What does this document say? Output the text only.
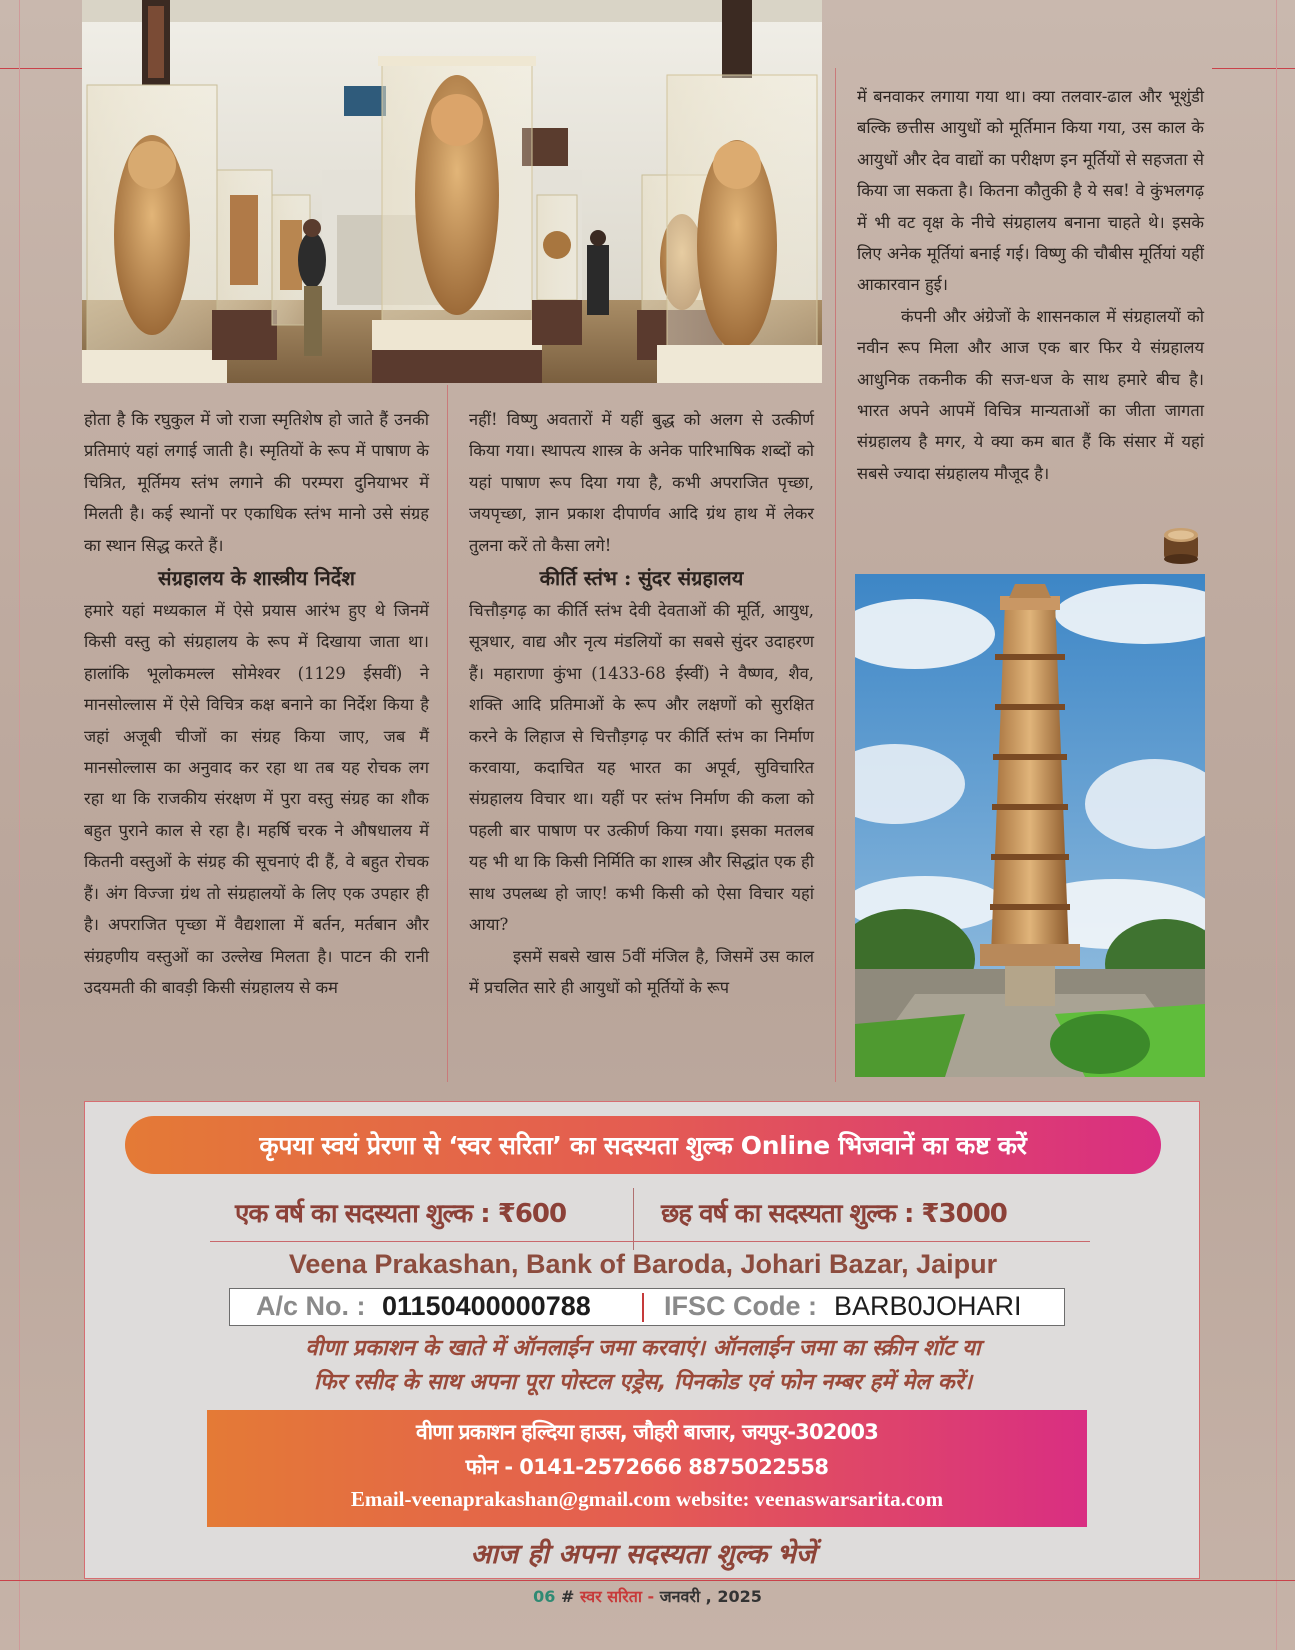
होता है कि रघुकुल में जो राजा स्मृतिशेष हो जाते हैं उनकी प्रतिमाएं यहां लगाई जाती है। स्मृतियों के रूप में पाषाण के चित्रित, मूर्तिमय स्तंभ लगाने की परम्परा दुनियाभर में मिलती है। कई स्थानों पर एकाधिक स्तंभ मानो उसे संग्रह का स्थान सिद्ध करते हैं।

संग्रहालय के शास्त्रीय निर्देश

हमारे यहां मध्यकाल में ऐसे प्रयास आरंभ हुए थे जिनमें किसी वस्तु को संग्रहालय के रूप में दिखाया जाता था। हालांकि भूलोकमल्ल सोमेश्वर (1129 ईसवीं) ने मानसोल्लास में ऐसे विचित्र कक्ष बनाने का निर्देश किया है जहां अजूबी चीजों का संग्रह किया जाए, जब मैं मानसोल्लास का अनुवाद कर रहा था तब यह रोचक लग रहा था कि राजकीय संरक्षण में पुरा वस्तु संग्रह का शौक बहुत पुराने काल से रहा है। महर्षि चरक ने औषधालय में कितनी वस्तुओं के संग्रह की सूचनाएं दी हैं, वे बहुत रोचक हैं। अंग विज्जा ग्रंथ तो संग्रहालयों के लिए एक उपहार ही है। अपराजित पृच्छा में वैद्यशाला में बर्तन, मर्तबान और संग्रहणीय वस्तुओं का उल्लेख मिलता है। पाटन की रानी उदयमती की बावड़ी किसी संग्रहालय से कम

नहीं! विष्णु अवतारों में यहीं बुद्ध को अलग से उत्कीर्ण किया गया। स्थापत्य शास्त्र के अनेक पारिभाषिक शब्दों को यहां पाषाण रूप दिया गया है, कभी अपराजित पृच्छा, जयपृच्छा, ज्ञान प्रकाश दीपार्णव आदि ग्रंथ हाथ में लेकर तुलना करें तो कैसा लगे!

कीर्ति स्तंभ : सुंदर संग्रहालय

चित्तौड़गढ़ का कीर्ति स्तंभ देवी देवताओं की मूर्ति, आयुध, सूत्रधार, वाद्य और नृत्य मंडलियों का सबसे सुंदर उदाहरण हैं। महाराणा कुंभा (1433-68 ईस्वीं) ने वैष्णव, शैव, शक्ति आदि प्रतिमाओं के रूप और लक्षणों को सुरक्षित करने के लिहाज से चित्तौड़गढ़ पर कीर्ति स्तंभ का निर्माण करवाया, कदाचित यह भारत का अपूर्व, सुविचारित संग्रहालय विचार था। यहीं पर स्तंभ निर्माण की कला को पहली बार पाषाण पर उत्कीर्ण किया गया। इसका मतलब यह भी था कि किसी निर्मिति का शास्त्र और सिद्धांत एक ही साथ उपलब्ध हो जाए! कभी किसी को ऐसा विचार यहां आया?

इसमें सबसे खास 5वीं मंजिल है, जिसमें उस काल में प्रचलित सारे ही आयुधों को मूर्तियों के रूप

में बनवाकर लगाया गया था। क्या तलवार-ढाल और भूशुंडी बल्कि छत्तीस आयुधों को मूर्तिमान किया गया, उस काल के आयुधों और देव वाद्यों का परीक्षण इन मूर्तियों से सहजता से किया जा सकता है। कितना कौतुकी है ये सब! वे कुंभलगढ़ में भी वट वृक्ष के नीचे संग्रहालय बनाना चाहते थे। इसके लिए अनेक मूर्तियां बनाई गई। विष्णु की चौबीस मूर्तियां यहीं आकारवान हुई।

कंपनी और अंग्रेजों के शासनकाल में संग्रहालयों को नवीन रूप मिला और आज एक बार फिर ये संग्रहालय आधुनिक तकनीक की सज-धज के साथ हमारे बीच है। भारत अपने आपमें विचित्र मान्यताओं का जीता जागता संग्रहालय है मगर, ये क्या कम बात हैं कि संसार में यहां सबसे ज्यादा संग्रहालय मौजूद है।

कृपया स्वयं प्रेरणा से ‘स्वर सरिता’ का सदस्यता शुल्क Online भिजवानें का कष्ट करें
एक वर्ष का सदस्यता शुल्क : ₹600	छह वर्ष का सदस्यता शुल्क : ₹3000
Veena Prakashan, Bank of Baroda, Johari Bazar, Jaipur
A/c No. : 01150400000788	IFSC Code : BARB0JOHARI
वीणा प्रकाशन के खाते में ऑनलाईन जमा करवाएं। ऑनलाईन जमा का स्क्रीन शॉट या
फिर रसीद के साथ अपना पूरा पोस्टल एड्रेस, पिनकोड एवं फोन नम्बर हमें मेल करें।
वीणा प्रकाशन हल्दिया हाउस, जौहरी बाजार, जयपुर-302003
फोन - 0141-2572666 8875022558
Email-veenaprakashan@gmail.com website: veenaswarsarita.com
आज ही अपना सदस्यता शुल्क भेजें
06 # स्वर सरिता - जनवरी , 2025
